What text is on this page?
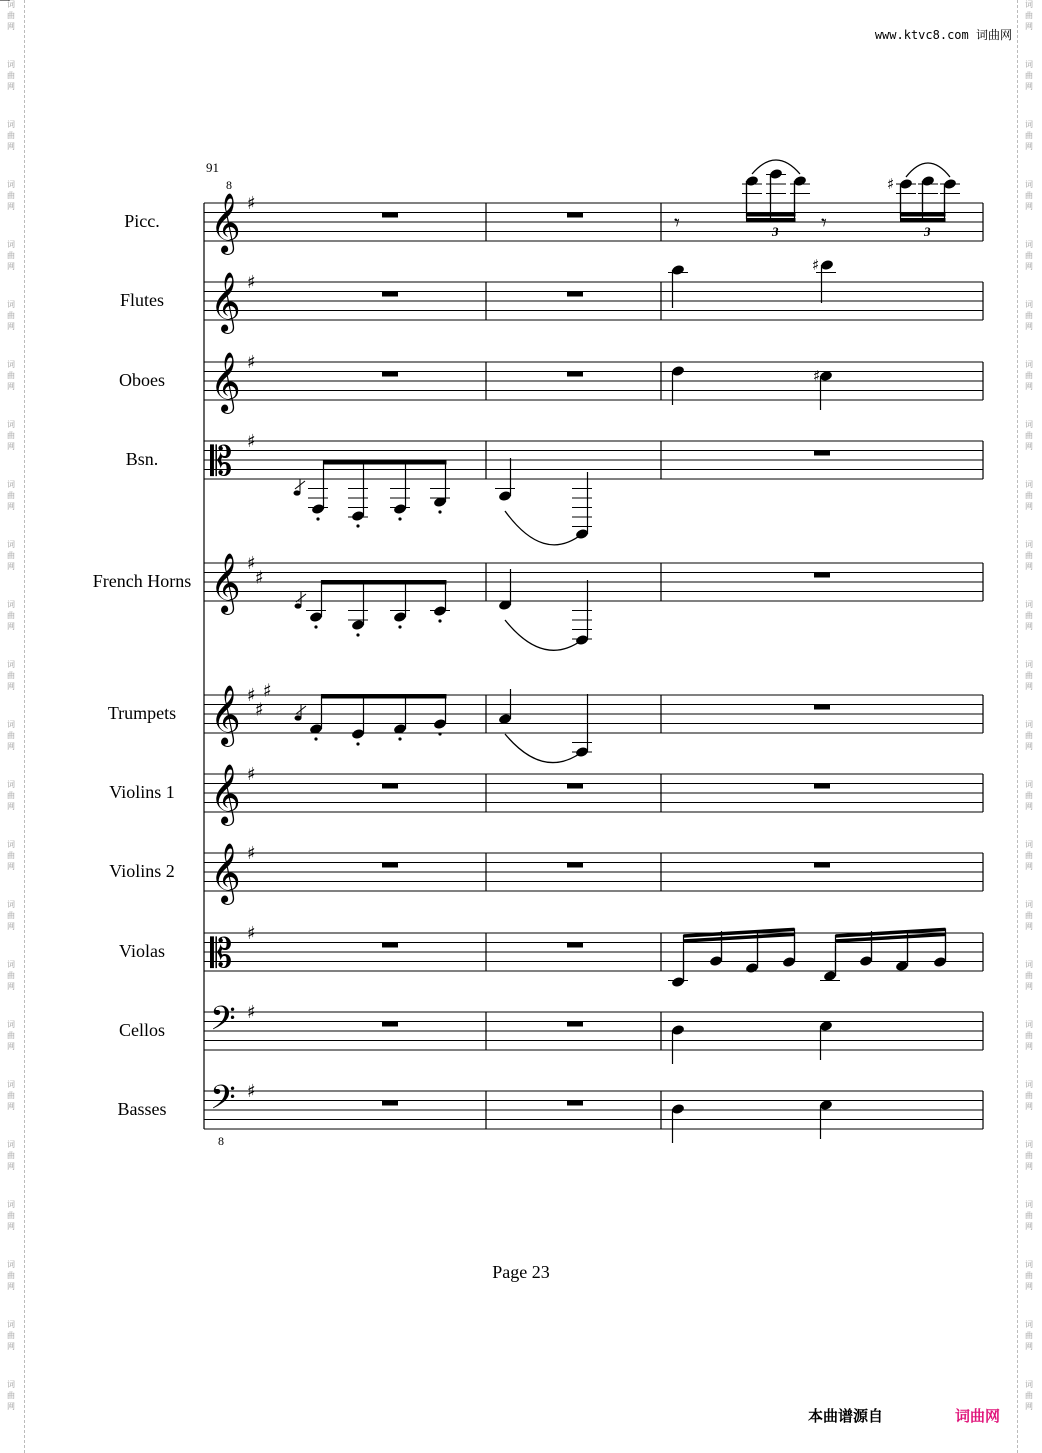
词
曲
网
词
曲
网
词
曲
网
词
曲
网
词
曲
网
词
曲
网
词
曲
网
词
曲
网
词
曲
网
词
曲
网
词
曲
网
词
曲
网
词
曲
网
词
曲
网
词
曲
网
词
曲
网
词
曲
网
词
曲
网
词
曲
网
词
曲
网
词
曲
网
词
曲
网
词
曲
网
词
曲
网
词
曲
网
词
曲
网
词
曲
网
词
曲
网
词
曲
网
词
曲
网
词
曲
网
词
曲
网
词
曲
网
词
曲
网
词
曲
网
词
曲
网
词
曲
网
词
曲
网
词
曲
网
词
曲
网
词
曲
网
词
曲
网
词
曲
网
词
曲
网
词
曲
网
词
曲
网
词
曲
网
词
曲
网
www.ktvc8.com 词曲网
91
Picc.
Flutes
Oboes
Bsn.
French Horns
Trumpets
Violins 1
Violins 2
Violas
Cellos
Basses
𝄞 ♯
8
𝄞 ♯
𝄞 ♯
𝄡 ♯
𝄞 ♯
♯
𝄞 ♯
♯
♯
𝄞 ♯
𝄞 ♯
𝄡 ♯
𝄢 ♯
𝄢 ♯
8
𝄾	𝄾
3	3
♯
♯
♯
Page 23
本曲谱源自	词曲网
